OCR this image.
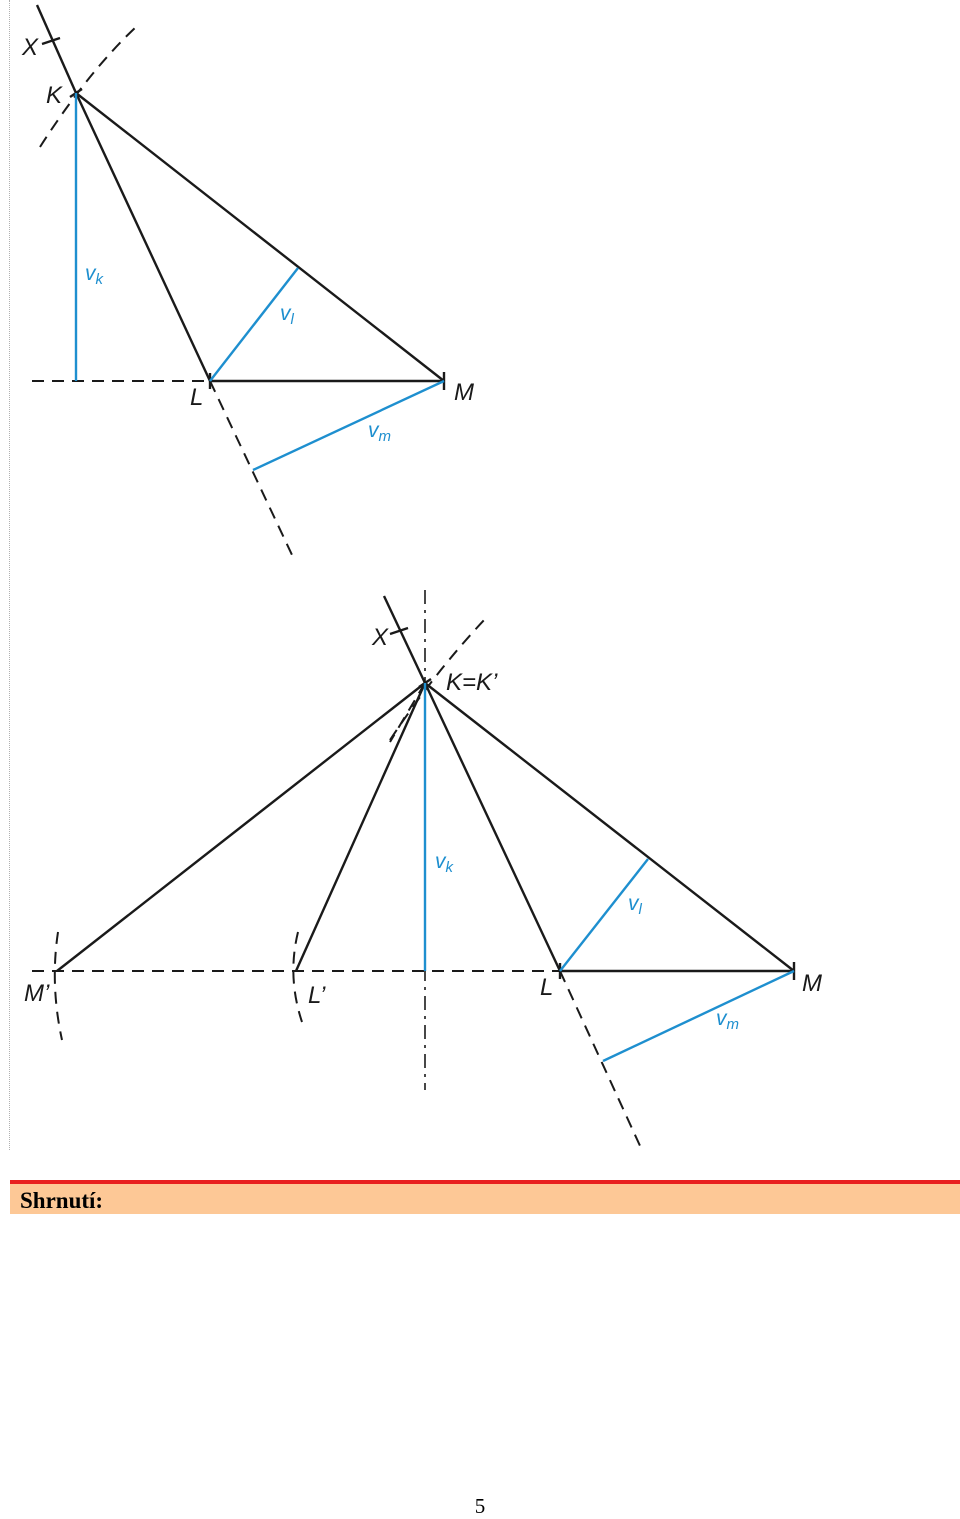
X
K
L	M
vk
vl
vm
X
K=K’
M’	L’	L	M
vk
vl
vm
Shrnutí:
5
